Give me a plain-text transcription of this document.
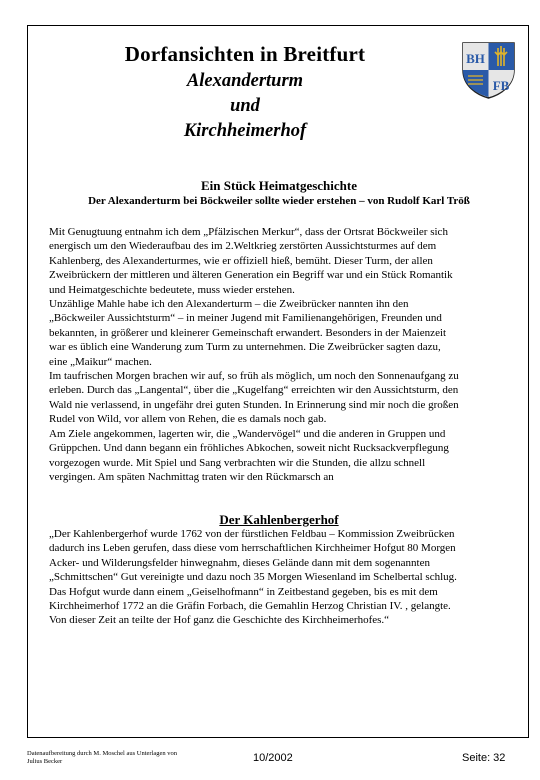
Dorfansichten in Breitfurt
Alexanderturm
und
Kirchheimerhof
BH
FB
Ein Stück Heimatgeschichte
Der Alexanderturm bei Böckweiler sollte wieder erstehen – von Rudolf Karl Tröß
Mit Genugtuung entnahm ich dem „Pfälzischen Merkur“, dass der Ortsrat Böckweiler sich
energisch um den Wiederaufbau des im 2.Weltkrieg zerstörten Aussichtsturmes auf dem
Kahlenberg, des Alexanderturmes, wie er offiziell hieß, bemüht. Dieser Turm, der allen
Zweibrückern der mittleren und älteren Generation ein Begriff war und ein Stück Romantik
und Heimatgeschichte bedeutete, muss wieder erstehen.
Unzählige Mahle habe ich den Alexanderturm – die Zweibrücker nannten ihn den
„Böckweiler Aussichtsturm“ – in meiner Jugend mit Familienangehörigen, Freunden und
bekannten, in größerer und kleinerer Gemeinschaft erwandert. Besonders in der Maienzeit
war es üblich eine Wanderung zum Turm zu unternehmen. Die Zweibrücker sagten dazu,
eine „Maikur“ machen.
Im taufrischen Morgen brachen wir auf, so früh als möglich, um noch den Sonnenaufgang zu
erleben. Durch das „Langental“, über die „Kugelfang“ erreichten wir den Aussichtsturm, den
Wald nie verlassend, in ungefähr drei guten Stunden. In Erinnerung sind mir noch die großen
Rudel von Wild, vor allem von Rehen, die es damals noch gab.
Am Ziele angekommen, lagerten wir, die „Wandervögel“ und die anderen in Gruppen und
Grüppchen. Und dann begann ein fröhliches Abkochen, soweit nicht Rucksackverpflegung
vorgezogen wurde. Mit Spiel und Sang verbrachten wir die Stunden, die allzu schnell
vergingen. Am späten Nachmittag traten wir den Rückmarsch an
Der Kahlenbergerhof
„Der Kahlenbergerhof wurde 1762 von der fürstlichen Feldbau – Kommission Zweibrücken
dadurch ins Leben gerufen, dass diese vom herrschaftlichen Kirchheimer Hofgut 80 Morgen
Acker- und Wilderungsfelder hinwegnahm, dieses Gelände dann mit dem sogenannten
„Schmittschen“ Gut vereinigte und dazu noch 35 Morgen Wiesenland im Schelbertal schlug.
Das Hofgut wurde dann einem „Geiselhofmann“ in Zeitbestand gegeben, bis es mit dem
Kirchheimerhof 1772 an die Gräfin Forbach, die Gemahlin Herzog Christian IV. , gelangte.
Von dieser Zeit an teilte der Hof ganz die Geschichte des Kirchheimerhofes.“
Datenaufbereitung durch M. Moschel aus Unterlagen von
Julius Becker	10/2002	Seite: 32
